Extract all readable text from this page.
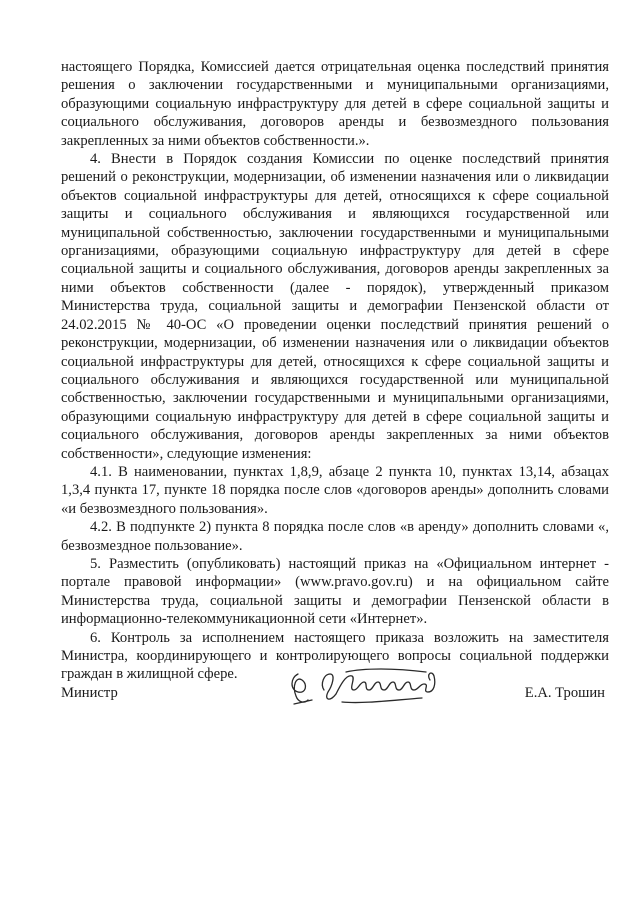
настоящего Порядка, Комиссией дается отрицательная оценка последствий принятия решения о заключении государственными и муниципальными организациями, образующими социальную инфраструктуру для детей в сфере социальной защиты и социального обслуживания, договоров аренды и безвозмездного пользования закрепленных за ними объектов собственности.».

4. Внести в Порядок создания Комиссии по оценке последствий принятия решений о реконструкции, модернизации, об изменении назначения или о ликвидации объектов социальной инфраструктуры для детей, относящихся к сфере социальной защиты и социального обслуживания и являющихся государственной или муниципальной собственностью, заключении государственными и муниципальными организациями, образующими социальную инфраструктуру для детей в сфере социальной защиты и социального обслуживания, договоров аренды закрепленных за ними объектов собственности (далее - порядок), утвержденный приказом Министерства труда, социальной защиты и демографии Пензенской области от 24.02.2015 № 40-ОС «О проведении оценки последствий принятия решений о реконструкции, модернизации, об изменении назначения или о ликвидации объектов социальной инфраструктуры для детей, относящихся к сфере социальной защиты и социального обслуживания и являющихся государственной или муниципальной собственностью, заключении государственными и муниципальными организациями, образующими социальную инфраструктуру для детей в сфере социальной защиты и социального обслуживания, договоров аренды закрепленных за ними объектов собственности», следующие изменения:

4.1. В наименовании, пунктах 1,8,9, абзаце 2 пункта 10, пунктах 13,14, абзацах 1,3,4 пункта 17, пункте 18 порядка после слов «договоров аренды» дополнить словами «и безвозмездного пользования».

4.2. В подпункте 2) пункта 8 порядка после слов «в аренду» дополнить словами «, безвозмездное пользование».

5. Разместить (опубликовать) настоящий приказ на «Официальном интернет - портале правовой информации» (www.pravo.gov.ru) и на официальном сайте Министерства труда, социальной защиты и демографии Пензенской области в информационно-телекоммуникационной сети «Интернет».

6. Контроль за исполнением настоящего приказа возложить на заместителя Министра, координирующего и контролирующего вопросы социальной поддержки граждан в жилищной сфере.

Министр	Е.А. Трошин
